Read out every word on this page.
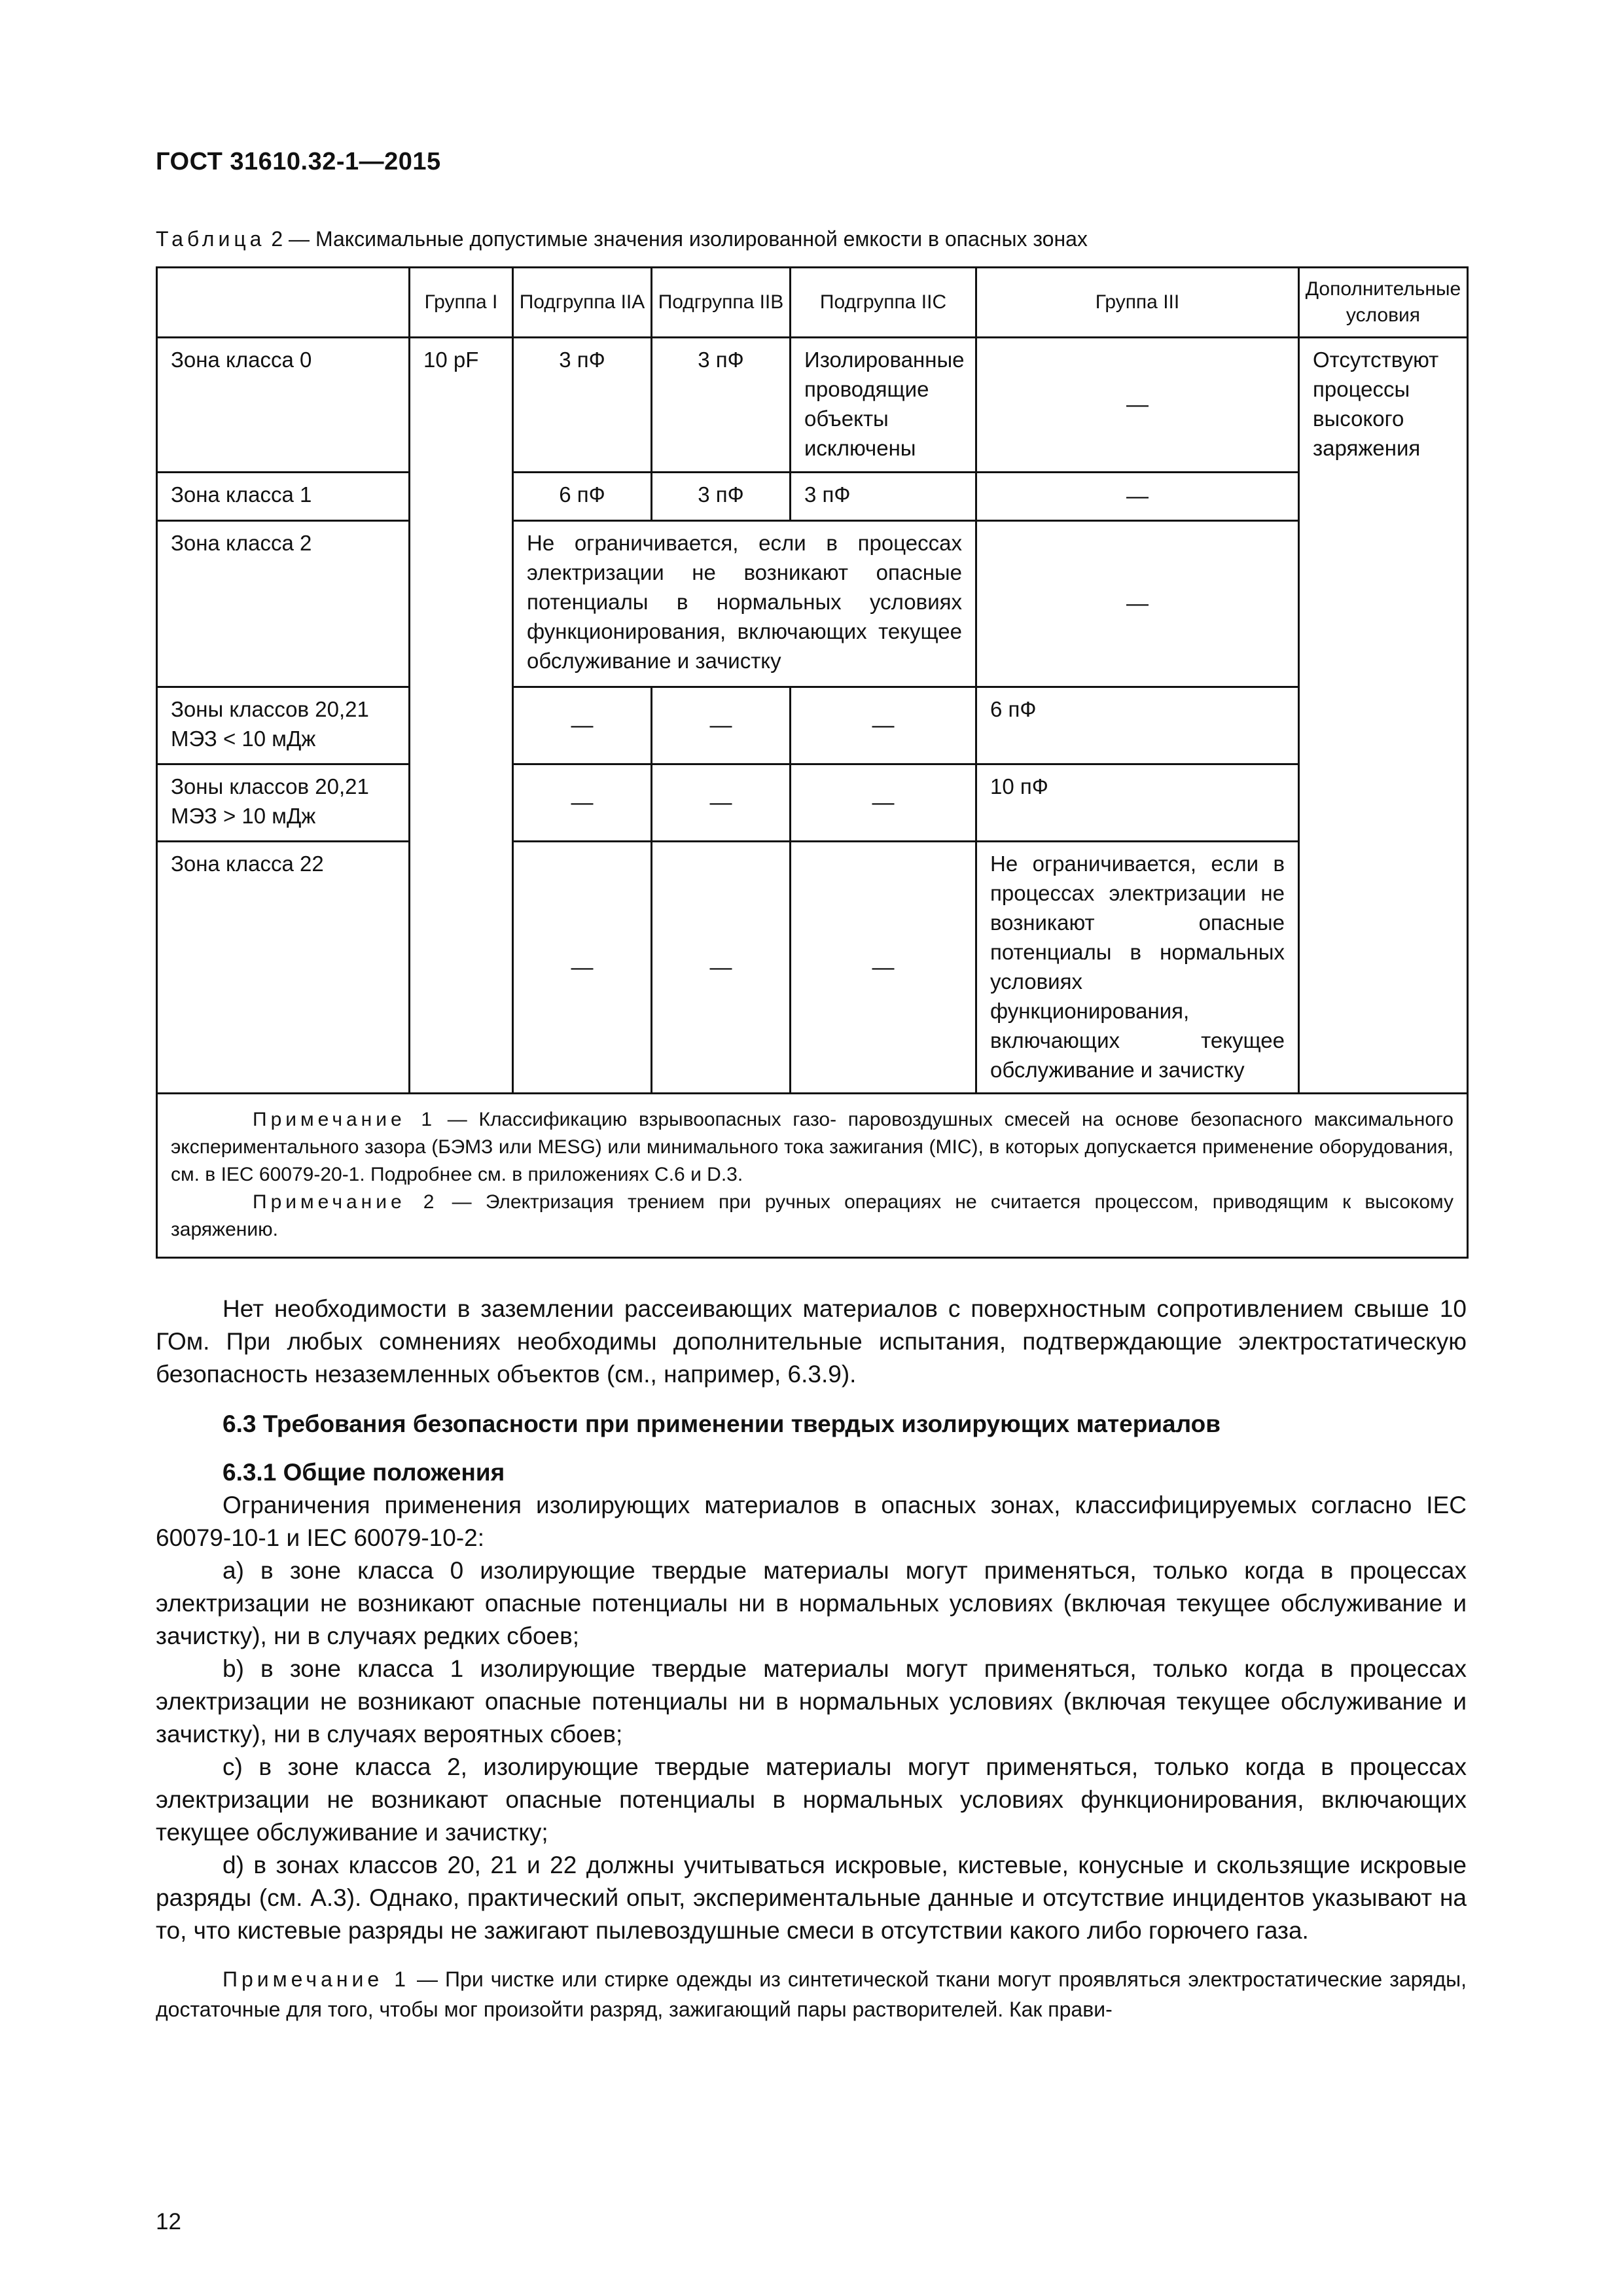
ГОСТ 31610.32-1—2015
Таблица 2 — Максимальные допустимые значения изолированной емкости в опасных зонах
	Группа I	Подгруппа IIA	Подгруппа IIB	Подгруппа IIC	Группа III	Дополнительные условия
Зона класса 0	10 pF	3 пФ	3 пФ	Изолированные проводящие объекты исключены	—	Отсутствуют процессы высокого заряжения
Зона класса 1		6 пФ	3 пФ	3 пФ	—	
Зона класса 2		Не ограничивается, если в процессах электризации не возникают опасные потенциалы в нормальных условиях функционирования, включающих текущее обслуживание и зачистку			—	

Зоны классов 20,21
МЭЗ < 10 мДж		—	—	—	6 пФ	

Зоны классов 20,21
МЭЗ > 10 мДж		—	—	—	10 пФ	
Зона класса 22		—	—	—	Не ограничивается, если в процессах электризации не возникают опасные потенциалы в нормальных условиях функционирования, включающих текущее обслуживание и зачистку	

Примечание 1 — Классификацию взрывоопасных газо- паровоздушных смесей на основе безопасного максимального экспериментального зазора (БЭМЗ или MESG) или минимального тока зажигания (MIC), в которых допускается применение оборудования, см. в IEC 60079-20-1. Подробнее см. в приложениях С.6 и D.3.

Примечание 2 — Электризация трением при ручных операциях не считается процессом, приводящим к высокому заряжению.						

Нет необходимости в заземлении рассеивающих материалов с поверхностным сопротивлением свыше 10 ГОм. При любых сомнениях необходимы дополнительные испытания, подтверждающие электростатическую безопасность незаземленных объектов (см., например, 6.3.9).

6.3 Требования безопасности при применении твердых изолирующих материалов
6.3.1 Общие положения

Ограничения применения изолирующих материалов в опасных зонах, классифицируемых согласно IEC 60079-10-1 и IEC 60079-10-2:

a) в зоне класса 0 изолирующие твердые материалы могут применяться, только когда в процессах электризации не возникают опасные потенциалы ни в нормальных условиях (включая текущее обслуживание и зачистку), ни в случаях редких сбоев;

b) в зоне класса 1 изолирующие твердые материалы могут применяться, только когда в процессах электризации не возникают опасные потенциалы ни в нормальных условиях (включая текущее обслуживание и зачистку), ни в случаях вероятных сбоев;

c) в зоне класса 2, изолирующие твердые материалы могут применяться, только когда в процессах электризации не возникают опасные потенциалы в нормальных условиях функционирования, включающих текущее обслуживание и зачистку;

d) в зонах классов 20, 21 и 22 должны учитываться искровые, кистевые, конусные и скользящие искровые разряды (см. А.3). Однако, практический опыт, экспериментальные данные и отсутствие инцидентов указывают на то, что кистевые разряды не зажигают пылевоздушные смеси в отсутствии какого либо горючего газа.

Примечание 1 — При чистке или стирке одежды из синтетической ткани могут проявляться электростатические заряды, достаточные для того, чтобы мог произойти разряд, зажигающий пары растворителей. Как прави-

12
